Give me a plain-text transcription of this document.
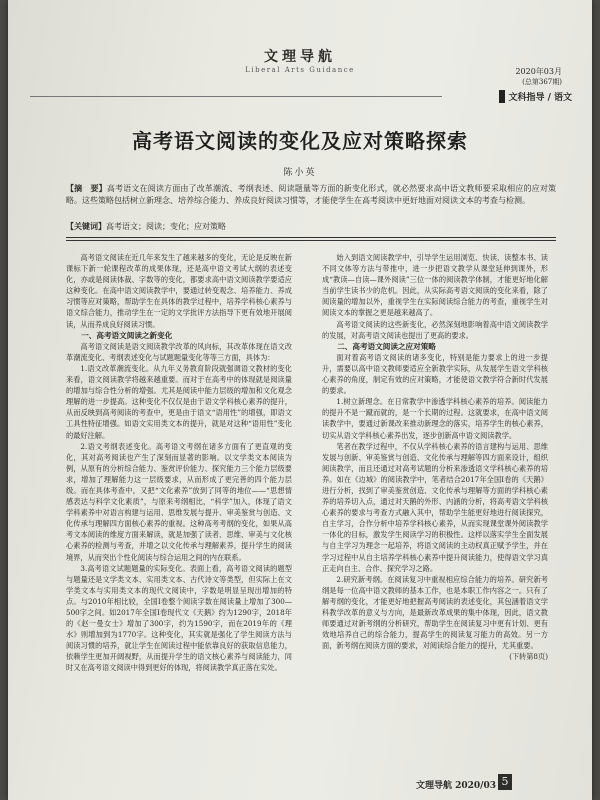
文理导航
Liberal Arts Guidance	2020年03月
(总第367期)
文科指导 / 语文
高考语文阅读的变化及应对策略探索
陈小英
【摘　要】高考语文在阅读方面由了改革潮流、考纲表述、阅读题量等方面的新变化形式，就必然要求高中语文教师要采取相应的应对策略。这些策略包括树立新理念、培养综合能力、养成良好阅读习惯等，才能使学生在高考阅读中更好地面对阅读文本的考查与检测。
【关键词】高考语文；阅读；变化；应对策略

高考语文阅读在近几年来发生了越来越多的变化，无论是反映在新课标下新一轮课程改革的成果体现，还是高中语文考试大纲的表述变化，亦或是阅读体裁、字数等的变化，都要求高中语文阅读教学要适应这种变化。在高中语文阅读教学中，要通过转变观念、培养能力、养成习惯等应对策略，帮助学生在具体的教学过程中，培养学科核心素养与语文综合能力，推动学生在一定的文学批评方法指导下更有效地开展阅读，从而养成良好阅读习惯。

一、高考语文阅读之新变化

高考语文阅读是语文阅读教学改革的风向标，其改革体现在语文改革潮流变化、考纲表述变化与试题题量变化等等三方面，具体为：

1.语文改革潮流变化。从九年义务教育阶段就强调语文教材的变化来看，语文阅读教学将越来越重要。而对于在高考中的体现就是阅读量的增加与综合性分析的增强。尤其是阅读中能力层级的增加和文化观念理解的进一步提高。这种变化不仅仅是由于语文学科核心素养的提升，从而反映到高考阅读的考查中，更是由于语文“语用性”的增强，即语文工具性特征增强。如语文实用类文本的提升，就是对这种“语用性”变化的最好注解。

2.语文考纲表述变化。高考语文考纲在诸多方面有了更直观的变化，其对高考阅读也产生了深刻而显著的影响。以文学类文本阅读为例，从原有的分析综合能力、鉴赏评价能力、探究能力三个能力层级要求，增加了理解能力这一层级要求，从而形成了更完善的四个能力层级。而在具体考查中，又把“文化素养”放到了同等的地位——“思想情感表达与科学文化素质”，与原来考纲相比，“科学”加入，体现了语文学科素养中对语言构建与运用、思维发展与提升、审美鉴赏与创造、文化传承与理解四方面核心素养的重视。这种高考考纲的变化，如果从高考文本阅读的维度方面来解读，就是加强了读者、思维、审美与文化核心素养的检测与考查，并增之以文化传承与理解素养，提升学生的阅读境界，从而突出个性化阅读与综合运用之间的内在联系。

3.高考语文试题题量的实际变化。表面上看，高考语文阅读的题型与题量还是文学类文本、实用类文本、古代诗文等类型，但实际上在文学类文本与实用类文本的现代文阅读中，字数是明显呈现出增加的特点。与2010年相比较，全国Ⅰ卷整个阅读字数在阅读量上增加了300—500字之间。如2017年全国Ⅰ卷现代文《天鹅》约为1290字，2018年的《赵一曼女士》增加了300字，约为1590字，而在2019年的《理水》则增加到为1770字。这种变化，其实就是强化了学生阅读方法与阅读习惯的培养，就让学生在阅读过程中能依靠良好的获取信息能力，依赖学生更加开阔视野，从而提升学生的语文核心素养与阅读能力，同时又在高考语文阅读中得到更好的体现，将阅读教学真正落在实处。

始入到语文阅读教学中，引导学生运用浏览、快读、读整本书、读不同文体等方法与带推中，进一步把语文教学从课堂延伸到课外，形成“教读—自读—课外阅读”三位一体的阅读教学体制，才能更好地化解当前学生读书少的危机。因此，从实际高考语文阅读的变化来看，除了阅读量的增加以外，重视学生在实际阅读综合能力的考查，重视学生对阅读文本的掌握之更是越来越高了。

高考语文阅读的这些新变化，必然深刻地影响着高中语文阅读教学的发展，对高考语文阅读也提出了更高的要求。

二、高考语文阅读之应对策略

面对着高考语文阅读的诸多变化，特别是能力要求上的进一步提升，需要以高中语文教师要适应全新教学实际，从发展学生语文学科核心素养的角度，制定有效的应对策略，才能使语文教学符合新时代发展的要求。

1.树立新理念。在日常教学中渗透学科核心素养的培养。阅读能力的提升不是一蹴而就的，是一个长期的过程。这就要求，在高中语文阅读教学中，要通过新课改来推动新理念的落实，培养学生的核心素养，切实从语文学科核心素养出发，逐步创新高中语文阅读教学。

笔者在教学过程中，不仅从学科核心素养的语言建构与运用、思维发展与创新、审美鉴赏与创造、文化传承与理解等四方面来设计，组织阅读教学，而且还通过对高考试题的分析来渗透语文学科核心素养的培养。如在《边城》的阅读教学中，笔者结合2017年全国Ⅰ卷的《天鹅》进行分析，找到了审美鉴赏创造、文化传承与理解等方面的学科核心素养的培养切入点，通过对天鹅的外形、内涵的分析，将高考语文学科核心素养的要求与考查方式融入其中，帮助学生能更好地进行阅读探究，自主学习，合作分析中培养学科核心素养，从而实现课堂课外阅读教学一体化的目标，激发学生阅读学习的积极性。这样以落实学生全面发展与自主学习为理念一起培养，将语文阅读的主动权真正赋予学生，并在学习过程中从自主培养学科核心素养中提升阅读能力，使得语文学习真正走向自主、合作、探究学习之路。

2.研究新考纲。在阅读复习中重视相应综合能力的培养。研究新考纲是每一位高中语文教师的基本工作，也是本职工作内容之一。只有了解考纲的变化，才能更好地把握高考阅读的表述变化，其包涵着语文学科教学改革的意义与方向，是最新改革成果的集中体现，因此，语文教师要通过对新考纲的分析研究，帮助学生在阅读复习中更有计划、更有效地培养自己的综合能力，提高学生的阅读复习能力的高效。另一方面，新考纲在阅读方面的要求，对阅读综合能力的提升，尤其重要。

(下转第8页)

文理导航 2020/03 5
